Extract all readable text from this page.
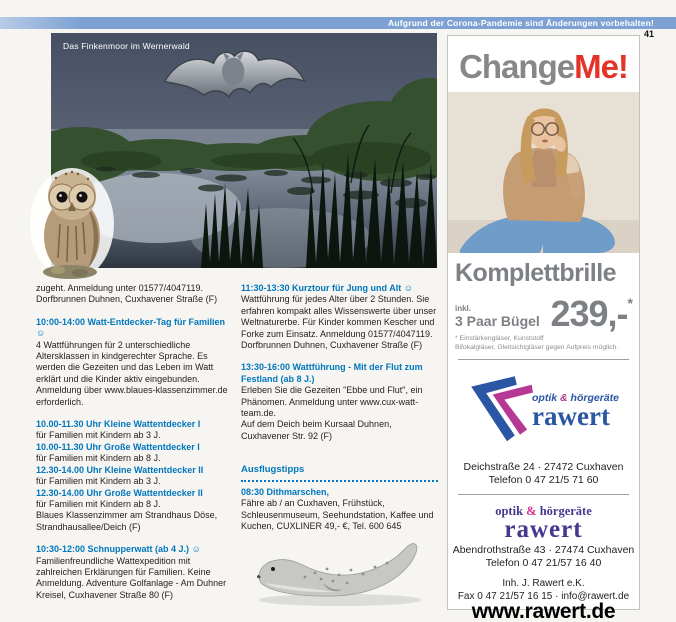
Aufgrund der Corona-Pandemie sind Änderungen vorbehalten!
41
Das Finkenmoor im Wernerwald

zugeht. Anmeldung unter 01577/4047119.

Dorfbrunnen Duhnen, Cuxhavener Straße (F)

10:00-14:00 Watt-Entdecker-Tag für Familien ☺

4 Wattführungen für 2 unterschiedliche Altersklassen in kindgerechter Sprache. Es werden die Gezeiten und das Leben im Watt erklärt und die Kinder aktiv eingebunden. Anmeldung über www.blaues-klassenzimmer.de erforderlich.

10.00-11.30 Uhr Kleine Wattentdecker I

für Familien mit Kindern ab 3 J.

10.00-11.30 Uhr Große Wattentdecker I

für Familien mit Kindern ab 8 J.

12.30-14.00 Uhr Kleine Wattentdecker II

für Familien mit Kindern ab 3 J.

12.30-14.00 Uhr Große Wattentdecker II

für Familien mit Kindern ab 8 J.

Blaues Klassenzimmer am Strandhaus Döse, Strandhausallee/Deich (F)

10:30-12:00 Schnupperwatt (ab 4 J.) ☺

Familienfreundliche Wattexpedition mit zahlreichen Erklärungen für Familien. Keine Anmeldung. Adventure Golfanlage - Am Duhner Kreisel, Cuxhavener Straße 80 (F)

11:30-13:30 Kurztour für Jung und Alt ☺

Wattführung für jedes Alter über 2 Stunden. Sie erfahren kompakt alles Wissenswerte über unser Weltnaturerbe. Für Kinder kommen Kescher und Forke zum Einsatz. Anmeldung 01577/4047119. Dorfbrunnen Duhnen, Cuxhavener Straße (F)

13:30-16:00 Wattführung - Mit der Flut zum Festland (ab 8 J.)

Erleben Sie die Gezeiten "Ebbe und Flut", ein Phänomen. Anmeldung unter www.cux-watt-team.de.

Auf dem Deich beim Kursaal Duhnen, Cuxhavener Str. 92 (F)

Ausflugstipps

08:30 Dithmarschen,

Fähre ab / an Cuxhaven, Frühstück, Schleusenmuseum, Seehundstation, Kaffee und Kuchen, CUXLINER 49,- €, Tel. 600 645

ChangeMe!
Komplettbrille
inkl.
3 Paar Bügel 239,-*
* Einstärkengläser, Kunststoff
Bifokalgläser, Gleitsichtgläser gegen Aufpreis möglich.
optik & hörgeräte
rawert
Deichstraße 24 · 27472 Cuxhaven
Telefon 0 47 21/5 71 60
optik & hörgeräte
rawert
Abendrothstraße 43 · 27474 Cuxhaven
Telefon 0 47 21/57 16 40
Inh. J. Rawert e.K.
Fax 0 47 21/57 16 15 · info@rawert.de
www.rawert.de
